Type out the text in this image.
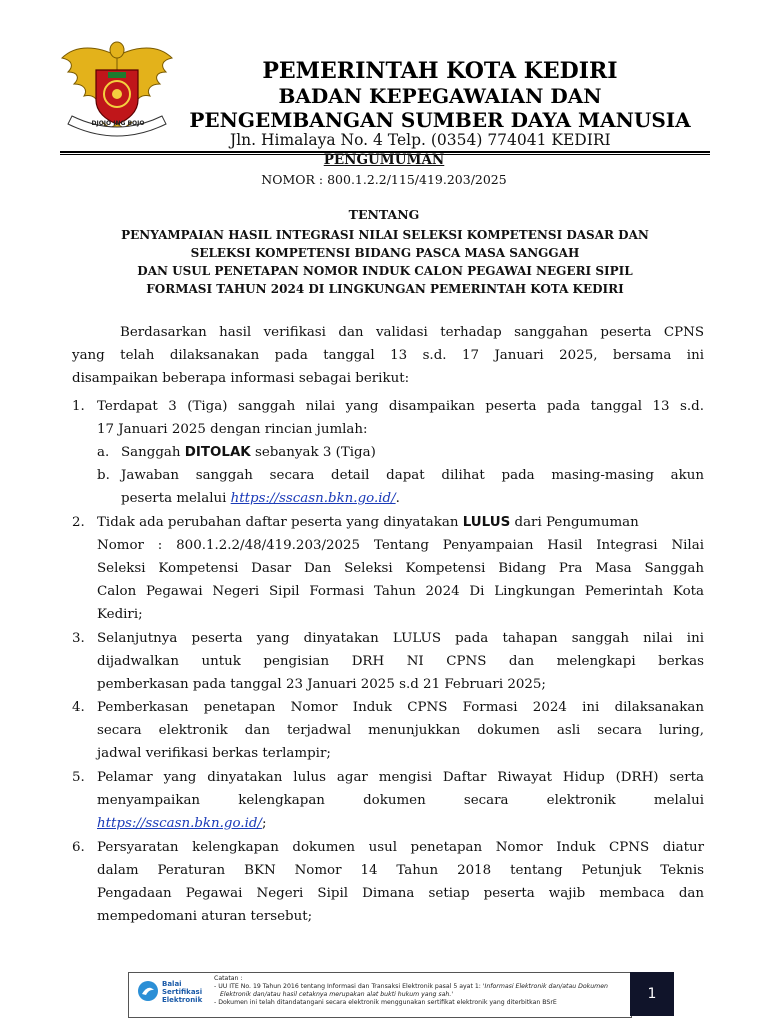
DJOJO ING BOJO
PEMERINTAH KOTA KEDIRI
BADAN KEPEGAWAIAN DAN
PENGEMBANGAN SUMBER DAYA MANUSIA
Jln. Himalaya No. 4 Telp. (0354) 774041 KEDIRI
PENGUMUMAN
NOMOR : 800.1.2.2/115/419.203/2025
TENTANG
PENYAMPAIAN HASIL INTEGRASI NILAI SELEKSI KOMPETENSI DASAR DAN
SELEKSI KOMPETENSI BIDANG PASCA MASA SANGGAH
DAN USUL PENETAPAN NOMOR INDUK CALON PEGAWAI NEGERI SIPIL
FORMASI TAHUN 2024 DI LINGKUNGAN PEMERINTAH KOTA KEDIRI
Berdasarkan hasil verifikasi dan validasi terhadap sanggahan peserta CPNS
yang telah dilaksanakan pada tanggal 13 s.d. 17 Januari 2025, bersama ini
disampaikan beberapa informasi sebagai berikut:
1. Terdapat 3 (Tiga) sanggah nilai yang disampaikan peserta pada tanggal 13 s.d.
17 Januari 2025 dengan rincian jumlah:
a. Sanggah DITOLAK sebanyak 3 (Tiga)
b. Jawaban sanggah secara detail dapat dilihat pada masing-masing akun
peserta melalui https://sscasn.bkn.go.id/.
2. Tidak ada perubahan daftar peserta yang dinyatakan LULUS dari Pengumuman
Nomor : 800.1.2.2/48/419.203/2025 Tentang Penyampaian Hasil Integrasi Nilai
Seleksi Kompetensi Dasar Dan Seleksi Kompetensi Bidang Pra Masa Sanggah
Calon Pegawai Negeri Sipil Formasi Tahun 2024 Di Lingkungan Pemerintah Kota
Kediri;
3. Selanjutnya peserta yang dinyatakan LULUS pada tahapan sanggah nilai ini
dijadwalkan untuk pengisian DRH NI CPNS dan melengkapi berkas
pemberkasan pada tanggal 23 Januari 2025 s.d 21 Februari 2025;
4. Pemberkasan penetapan Nomor Induk CPNS Formasi 2024 ini dilaksanakan
secara elektronik dan terjadwal menunjukkan dokumen asli secara luring,
jadwal verifikasi berkas terlampir;
5. Pelamar yang dinyatakan lulus agar mengisi Daftar Riwayat Hidup (DRH) serta
menyampaikan kelengkapan dokumen secara elektronik melalui
https://sscasn.bkn.go.id/;
6. Persyaratan kelengkapan dokumen usul penetapan Nomor Induk CPNS diatur
dalam Peraturan BKN Nomor 14 Tahun 2018 tentang Petunjuk Teknis
Pengadaan Pegawai Negeri Sipil Dimana setiap peserta wajib membaca dan
mempedomani aturan tersebut;
Balai
Sertifikasi
Elektronik
Catatan :
- UU ITE No. 19 Tahun 2016 tentang Informasi dan Transaksi Elektronik pasal 5 ayat 1: 'Informasi Elektronik dan/atau Dokumen
Elektronik dan/atau hasil cetaknya merupakan alat bukti hukum yang sah.'
- Dokumen ini telah ditandatangani secara elektronik menggunakan sertifikat elektronik yang diterbitkan BSrE
1
